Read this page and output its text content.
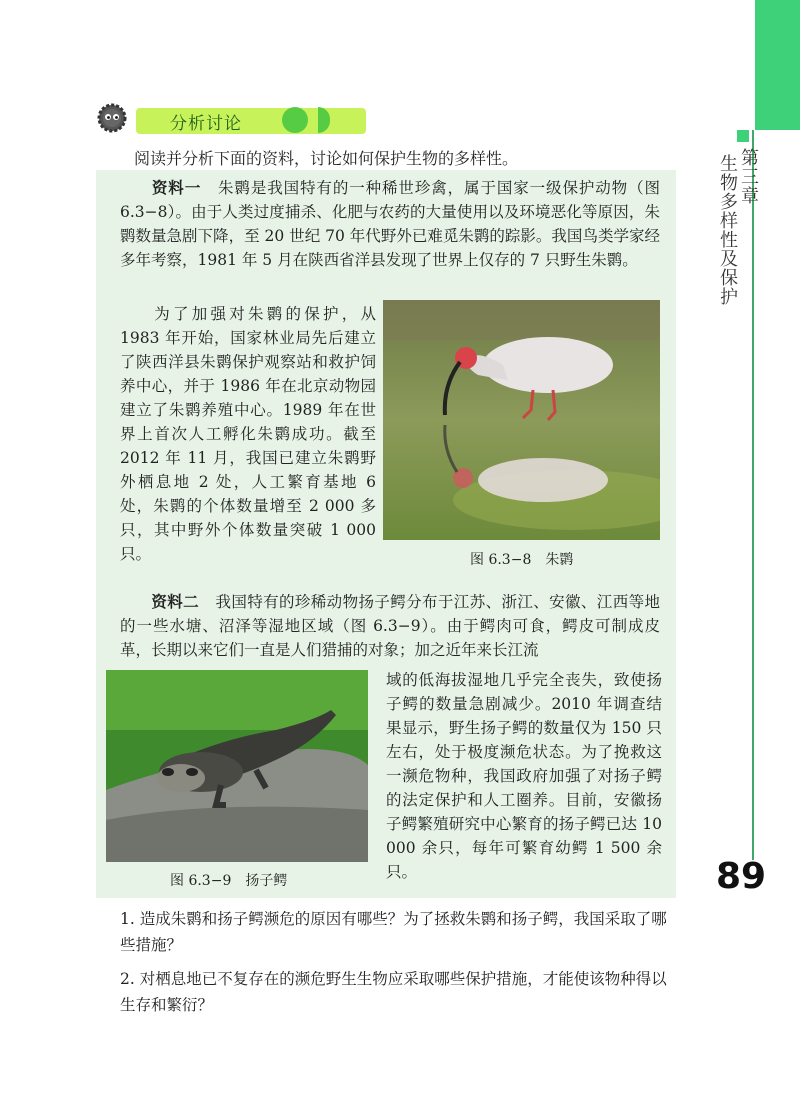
第三章
生物多样性及保护
89
分析讨论
阅读并分析下面的资料，讨论如何保护生物的多样性。
资料一 朱鹮是我国特有的一种稀世珍禽，属于国家一级保护动物（图 6.3−8）。由于人类过度捕杀、化肥与农药的大量使用以及环境恶化等原因，朱鹮数量急剧下降，至 20 世纪 70 年代野外已难觅朱鹮的踪影。我国鸟类学家经多年考察，1981 年 5 月在陕西省洋县发现了世界上仅存的 7 只野生朱鹮。
为了加强对朱鹮的保护，从 1983 年开始，国家林业局先后建立了陕西洋县朱鹮保护观察站和救护饲养中心，并于 1986 年在北京动物园建立了朱鹮养殖中心。1989 年在世界上首次人工孵化朱鹮成功。截至 2012 年 11 月，我国已建立朱鹮野外栖息地 2 处，人工繁育基地 6 处，朱鹮的个体数量增至 2 000 多只，其中野外个体数量突破 1 000 只。	图 6.3−8　朱鹮
资料二 我国特有的珍稀动物扬子鳄分布于江苏、浙江、安徽、江西等地的一些水塘、沼泽等湿地区域（图 6.3−9）。由于鳄肉可食，鳄皮可制成皮革，长期以来它们一直是人们猎捕的对象；加之近年来长江流
图 6.3−9　扬子鳄
域的低海拔湿地几乎完全丧失，致使扬子鳄的数量急剧减少。2010 年调查结果显示，野生扬子鳄的数量仅为 150 只左右，处于极度濒危状态。为了挽救这一濒危物种，我国政府加强了对扬子鳄的法定保护和人工圈养。目前，安徽扬子鳄繁殖研究中心繁育的扬子鳄已达 10 000 余只，每年可繁育幼鳄 1 500 余只。
1. 造成朱鹮和扬子鳄濒危的原因有哪些？为了拯救朱鹮和扬子鳄，我国采取了哪些措施？
2. 对栖息地已不复存在的濒危野生生物应采取哪些保护措施，才能使该物种得以生存和繁衍？
